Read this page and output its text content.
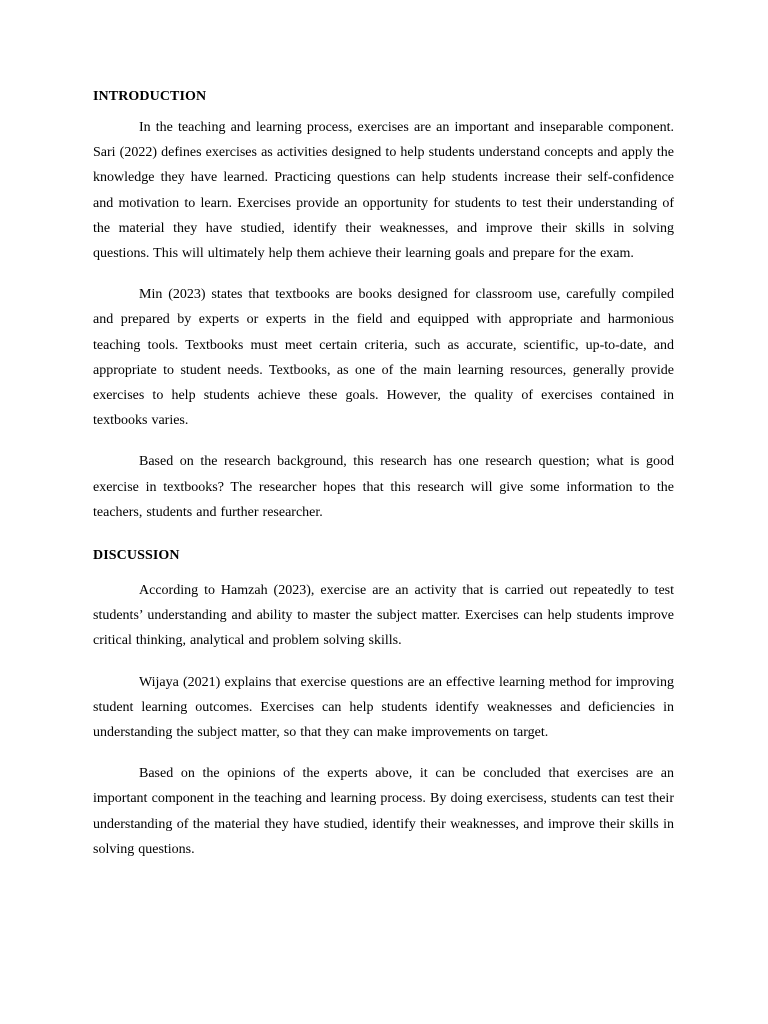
INTRODUCTION

In the teaching and learning process, exercises are an important and inseparable component. Sari (2022) defines exercises as activities designed to help students understand concepts and apply the knowledge they have learned. Practicing questions can help students increase their self-confidence and motivation to learn. Exercises provide an opportunity for students to test their understanding of the material they have studied, identify their weaknesses, and improve their skills in solving questions. This will ultimately help them achieve their learning goals and prepare for the exam.

Min (2023) states that textbooks are books designed for classroom use, carefully compiled and prepared by experts or experts in the field and equipped with appropriate and harmonious teaching tools. Textbooks must meet certain criteria, such as accurate, scientific, up-to-date, and appropriate to student needs. Textbooks, as one of the main learning resources, generally provide exercises to help students achieve these goals. However, the quality of exercises contained in textbooks varies.

Based on the research background, this research has one research question; what is good exercise in textbooks? The researcher hopes that this research will give some information to the teachers, students and further researcher.

DISCUSSION

According to Hamzah (2023), exercise are an activity that is carried out repeatedly to test students’ understanding and ability to master the subject matter. Exercises can help students improve critical thinking, analytical and problem solving skills.

Wijaya (2021) explains that exercise questions are an effective learning method for improving student learning outcomes. Exercises can help students identify weaknesses and deficiencies in understanding the subject matter, so that they can make improvements on target.

Based on the opinions of the experts above, it can be concluded that exercises are an important component in the teaching and learning process. By doing exercisess, students can test their understanding of the material they have studied, identify their weaknesses, and improve their skills in solving questions.
